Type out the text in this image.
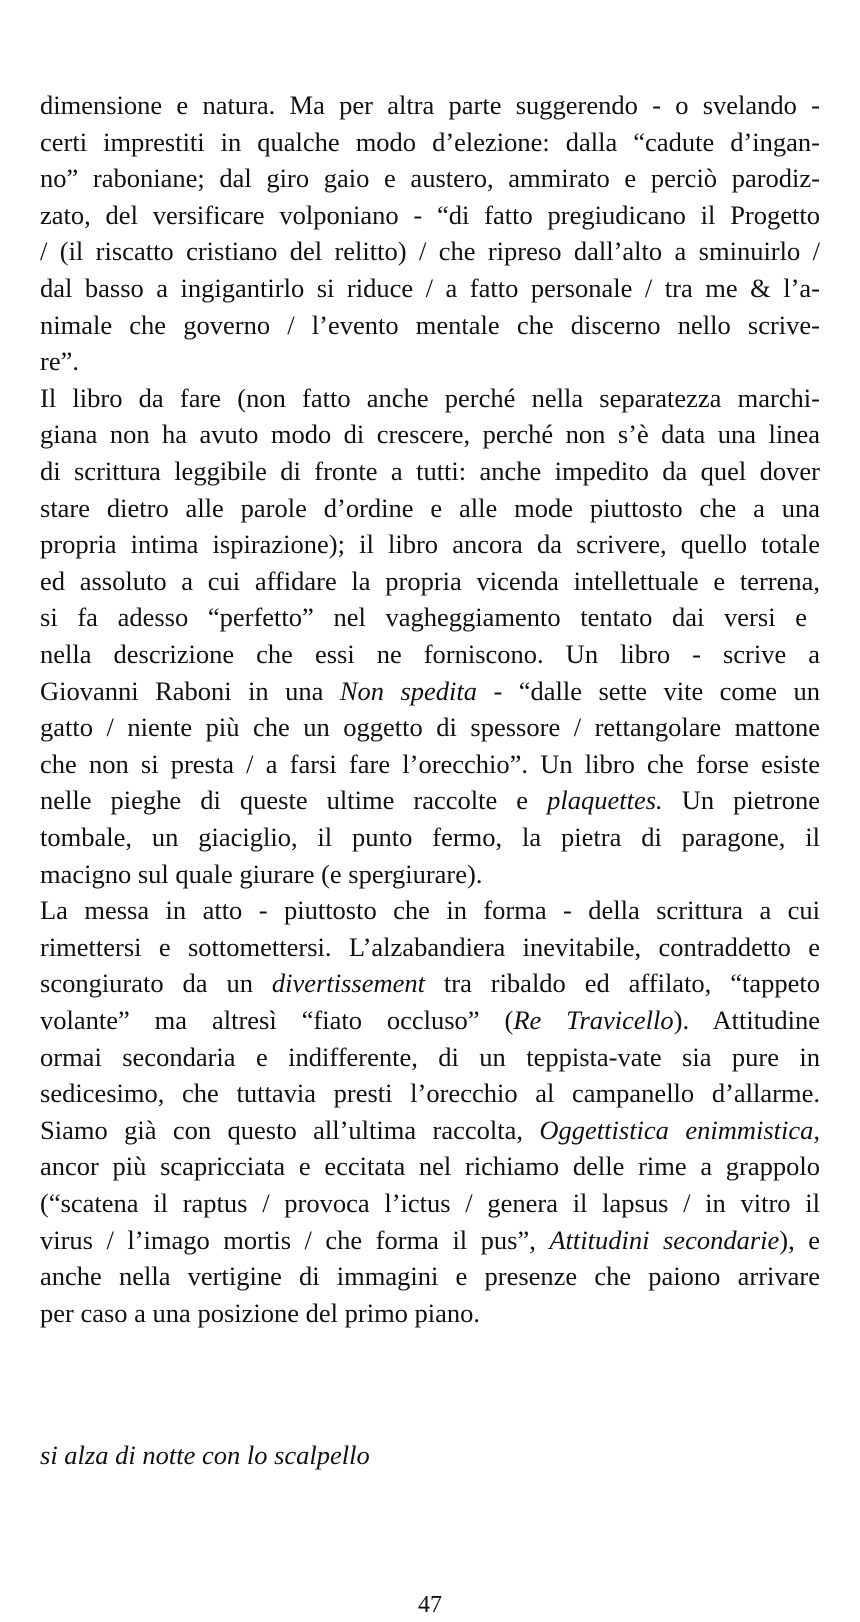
dimensione e natura. Ma per altra parte suggerendo - o svelando -
certi imprestiti in qualche modo d’elezione: dalla “cadute d’ingan-
no” raboniane; dal giro gaio e austero, ammirato e perciò parodiz-
zato, del versificare volponiano - “di fatto pregiudicano il Progetto
/ (il riscatto cristiano del relitto) / che ripreso dall’alto a sminuirlo /
dal basso a ingigantirlo si riduce / a fatto personale / tra me & l’a-
nimale che governo / l’evento mentale che discerno nello scrive-
re”.
Il libro da fare (non fatto anche perché nella separatezza marchi-
giana non ha avuto modo di crescere, perché non s’è data una linea
di scrittura leggibile di fronte a tutti: anche impedito da quel dover
stare dietro alle parole d’ordine e alle mode piuttosto che a una
propria intima ispirazione); il libro ancora da scrivere, quello totale
ed assoluto a cui affidare la propria vicenda intellettuale e terrena,
si fa adesso “perfetto” nel vagheggiamento tentato dai versi e
nella descrizione che essi ne forniscono. Un libro - scrive a
Giovanni Raboni in una Non spedita - “dalle sette vite come un
gatto / niente più che un oggetto di spessore / rettangolare mattone
che non si presta / a farsi fare l’orecchio”. Un libro che forse esiste
nelle pieghe di queste ultime raccolte e plaquettes. Un pietrone
tombale, un giaciglio, il punto fermo, la pietra di paragone, il
macigno sul quale giurare (e spergiurare).
La messa in atto - piuttosto che in forma - della scrittura a cui
rimettersi e sottomettersi. L’alzabandiera inevitabile, contraddetto e
scongiurato da un divertissement tra ribaldo ed affilato, “tappeto
volante” ma altresì “fiato occluso” (Re Travicello). Attitudine
ormai secondaria e indifferente, di un teppista-vate sia pure in
sedicesimo, che tuttavia presti l’orecchio al campanello d’allarme.
Siamo già con questo all’ultima raccolta, Oggettistica enimmistica,
ancor più scapricciata e eccitata nel richiamo delle rime a grappolo
(“scatena il raptus / provoca l’ictus / genera il lapsus / in vitro il
virus / l’imago mortis / che forma il pus”, Attitudini secondarie), e
anche nella vertigine di immagini e presenze che paiono arrivare
per caso a una posizione del primo piano.
si alza di notte con lo scalpello
47
